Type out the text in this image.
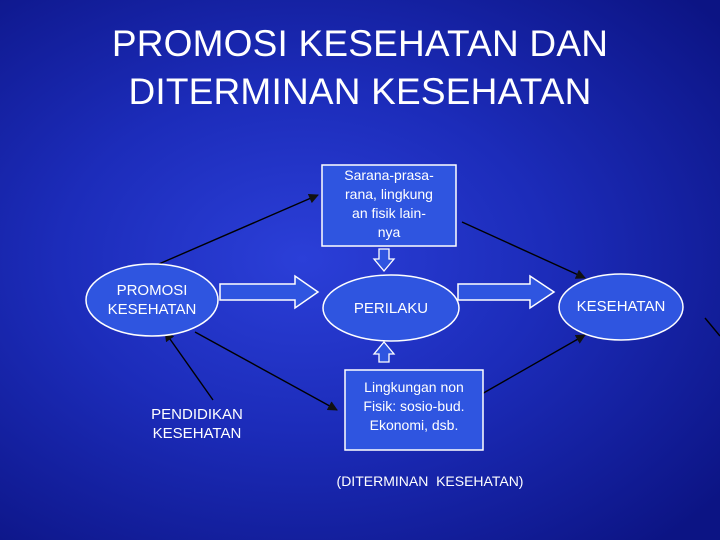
PROMOSI KESEHATAN DAN
DITERMINAN KESEHATAN
PROMOSI
KESEHATAN	PERILAKU	KESEHATAN
Sarana-prasa-
rana, lingkung
an fisik lain-
nya
Lingkungan non
Fisik: sosio-bud.
Ekonomi, dsb.
PENDIDIKAN
KESEHATAN
(DITERMINAN  KESEHATAN)
